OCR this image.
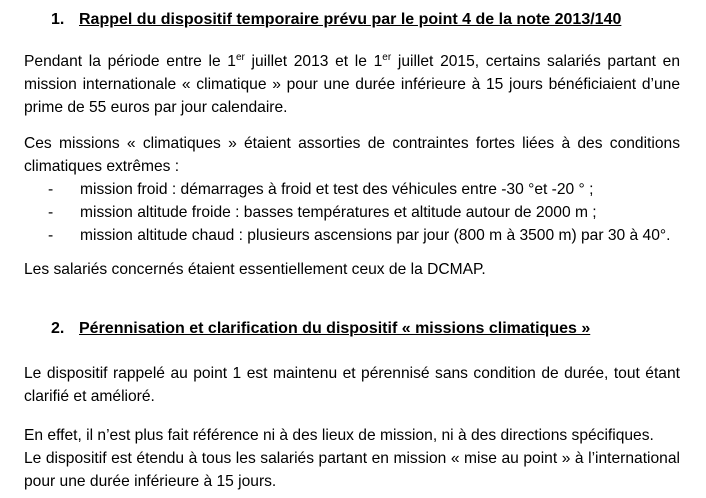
1. Rappel du dispositif temporaire prévu par le point 4 de la note 2013/140
Pendant la période entre le 1er juillet 2013 et le 1er juillet 2015, certains salariés partant en
mission internationale « climatique » pour une durée inférieure à 15 jours bénéficiaient d’une
prime de 55 euros par jour calendaire.
Ces missions « climatiques » étaient assorties de contraintes fortes liées à des conditions
climatiques extrêmes :
- mission froid : démarrages à froid et test des véhicules entre -30 °et -20 ° ;
- mission altitude froide : basses températures et altitude autour de 2000 m ;
- mission altitude chaud : plusieurs ascensions par jour (800 m à 3500 m) par 30 à 40°.
Les salariés concernés étaient essentiellement ceux de la DCMAP.
2. Pérennisation et clarification du dispositif « missions climatiques »
Le dispositif rappelé au point 1 est maintenu et pérennisé sans condition de durée, tout étant
clarifié et amélioré.
En effet, il n’est plus fait référence ni à des lieux de mission, ni à des directions spécifiques.
Le dispositif est étendu à tous les salariés partant en mission « mise au point » à l’international
pour une durée inférieure à 15 jours.
